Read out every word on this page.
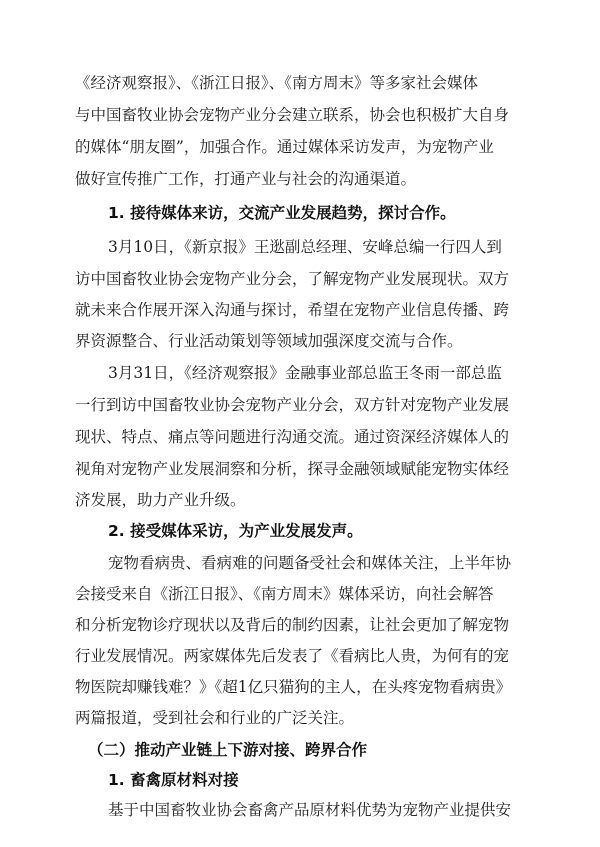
《经济观察报》、《浙江日报》、《南方周末》等多家社会媒体

与中国畜牧业协会宠物产业分会建立联系，协会也积极扩大自身

的媒体“朋友圈”，加强合作。通过媒体采访发声，为宠物产业

做好宣传推广工作，打通产业与社会的沟通渠道。

1. 接待媒体来访，交流产业发展趋势，探讨合作。

3月10日，《新京报》王逖副总经理、安峰总编一行四人到

访中国畜牧业协会宠物产业分会，了解宠物产业发展现状。双方

就未来合作展开深入沟通与探讨，希望在宠物产业信息传播、跨

界资源整合、行业活动策划等领域加强深度交流与合作。

3月31日，《经济观察报》金融事业部总监王冬雨一部总监

一行到访中国畜牧业协会宠物产业分会，双方针对宠物产业发展

现状、特点、痛点等问题进行沟通交流。通过资深经济媒体人的

视角对宠物产业发展洞察和分析，探寻金融领域赋能宠物实体经

济发展，助力产业升级。

2. 接受媒体采访，为产业发展发声。

宠物看病贵、看病难的问题备受社会和媒体关注，上半年协

会接受来自《浙江日报》、《南方周末》媒体采访，向社会解答

和分析宠物诊疗现状以及背后的制约因素，让社会更加了解宠物

行业发展情况。两家媒体先后发表了《看病比人贵，为何有的宠

物医院却赚钱难？》《超1亿只猫狗的主人，在头疼宠物看病贵》

两篇报道，受到社会和行业的广泛关注。

（二）推动产业链上下游对接、跨界合作

1. 畜禽原材料对接

基于中国畜牧业协会畜禽产品原材料优势为宠物产业提供安
